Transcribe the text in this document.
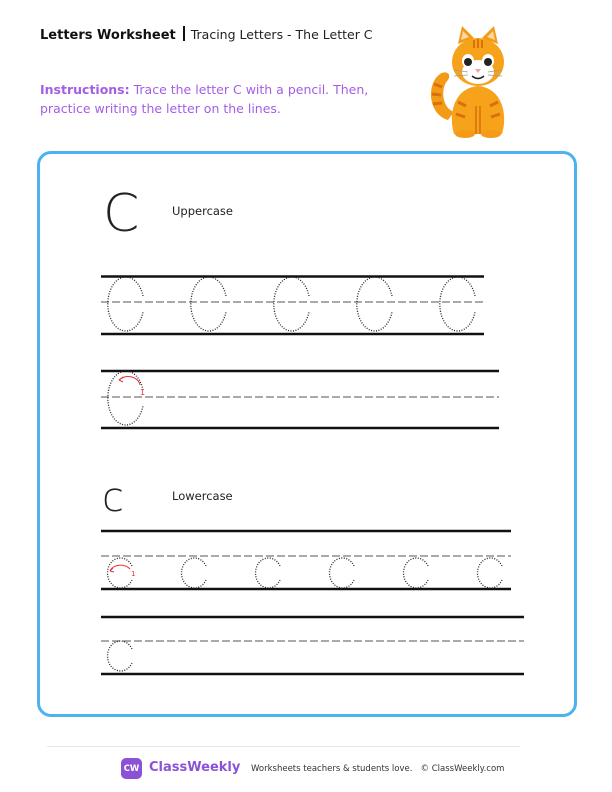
Letters Worksheet Tracing Letters - The Letter C
Instructions: Trace the letter C with a pencil. Then, practice writing the letter on the lines.
C	Uppercase
c	Lowercase
1
1
CW ClassWeekly Worksheets teachers & students love. © ClassWeekly.com
